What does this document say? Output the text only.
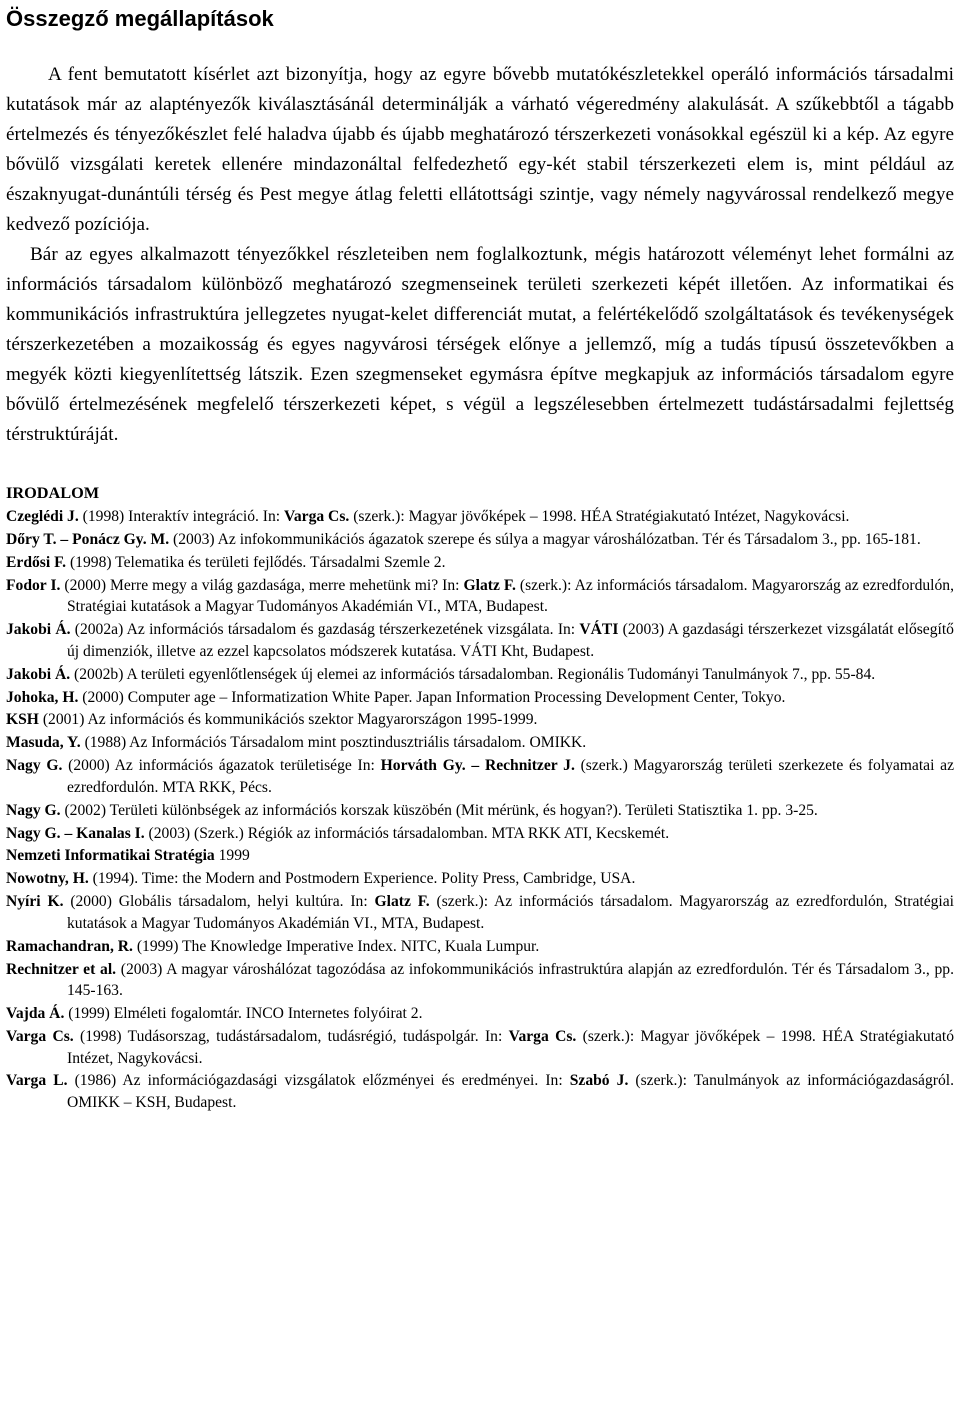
Összegző megállapítások

A fent bemutatott kísérlet azt bizonyítja, hogy az egyre bővebb mutatókészletekkel operáló információs társadalmi kutatások már az alaptényezők kiválasztásánál determinálják a várható végeredmény alakulását. A szűkebbtől a tágabb értelmezés és tényezőkészlet felé haladva újabb és újabb meghatározó térszerkezeti vonásokkal egészül ki a kép. Az egyre bővülő vizsgálati keretek ellenére mindazonáltal felfedezhető egy-két stabil térszerkezeti elem is, mint például az északnyugat-dunántúli térség és Pest megye átlag feletti ellátottsági szintje, vagy némely nagyvárossal rendelkező megye kedvező pozíciója.

Bár az egyes alkalmazott tényezőkkel részleteiben nem foglalkoztunk, mégis határozott véleményt lehet formálni az információs társadalom különböző meghatározó szegmenseinek területi szerkezeti képét illetően. Az informatikai és kommunikációs infrastruktúra jellegzetes nyugat-kelet differenciát mutat, a felértékelődő szolgáltatások és tevékenységek térszerkezetében a mozaikosság és egyes nagyvárosi térségek előnye a jellemző, míg a tudás típusú összetevőkben a megyék közti kiegyenlítettség látszik. Ezen szegmenseket egymásra építve megkapjuk az információs társadalom egyre bővülő értelmezésének megfelelő térszerkezeti képet, s végül a legszélesebben értelmezett tudástársadalmi fejlettség térstruktúráját.

IRODALOM

Czeglédi J. (1998) Interaktív integráció. In: Varga Cs. (szerk.): Magyar jövőképek – 1998. HÉA Stratégiakutató Intézet, Nagykovácsi.

Dőry T. – Ponácz Gy. M. (2003) Az infokommunikációs ágazatok szerepe és súlya a magyar városhálózatban. Tér és Társadalom 3., pp. 165-181.

Erdősi F. (1998) Telematika és területi fejlődés. Társadalmi Szemle 2.

Fodor I. (2000) Merre megy a világ gazdasága, merre mehetünk mi? In: Glatz F. (szerk.): Az információs társadalom. Magyarország az ezredfordulón, Stratégiai kutatások a Magyar Tudományos Akadémián VI., MTA, Budapest.

Jakobi Á. (2002a) Az információs társadalom és gazdaság térszerkezetének vizsgálata. In: VÁTI (2003) A gazdasági térszerkezet vizsgálatát elősegítő új dimenziók, illetve az ezzel kapcsolatos módszerek kutatása. VÁTI Kht, Budapest.

Jakobi Á. (2002b) A területi egyenlőtlenségek új elemei az információs társadalomban. Regionális Tudományi Tanulmányok 7., pp. 55-84.

Johoka, H. (2000) Computer age – Informatization White Paper. Japan Information Processing Development Center, Tokyo.

KSH (2001) Az információs és kommunikációs szektor Magyarországon 1995-1999.

Masuda, Y. (1988) Az Információs Társadalom mint posztindusztriális társadalom. OMIKK.

Nagy G. (2000) Az információs ágazatok területisége In: Horváth Gy. – Rechnitzer J. (szerk.) Magyarország területi szerkezete és folyamatai az ezredfordulón. MTA RKK, Pécs.

Nagy G. (2002) Területi különbségek az információs korszak küszöbén (Mit mérünk, és hogyan?). Területi Statisztika 1. pp. 3-25.

Nagy G. – Kanalas I. (2003) (Szerk.) Régiók az információs társadalomban. MTA RKK ATI, Kecskemét.

Nemzeti Informatikai Stratégia 1999

Nowotny, H. (1994). Time: the Modern and Postmodern Experience. Polity Press, Cambridge, USA.

Nyíri K. (2000) Globális társadalom, helyi kultúra. In: Glatz F. (szerk.): Az információs társadalom. Magyarország az ezredfordulón, Stratégiai kutatások a Magyar Tudományos Akadémián VI., MTA, Budapest.

Ramachandran, R. (1999) The Knowledge Imperative Index. NITC, Kuala Lumpur.

Rechnitzer et al. (2003) A magyar városhálózat tagozódása az infokommunikációs infrastruktúra alapján az ezredfordulón. Tér és Társadalom 3., pp. 145-163.

Vajda Á. (1999) Elméleti fogalomtár. INCO Internetes folyóirat 2.

Varga Cs. (1998) Tudásorszag, tudástársadalom, tudásrégió, tudáspolgár. In: Varga Cs. (szerk.): Magyar jövőképek – 1998. HÉA Stratégiakutató Intézet, Nagykovácsi.

Varga L. (1986) Az információgazdasági vizsgálatok előzményei és eredményei. In: Szabó J. (szerk.): Tanulmányok az információgazdaságról. OMIKK – KSH, Budapest.
